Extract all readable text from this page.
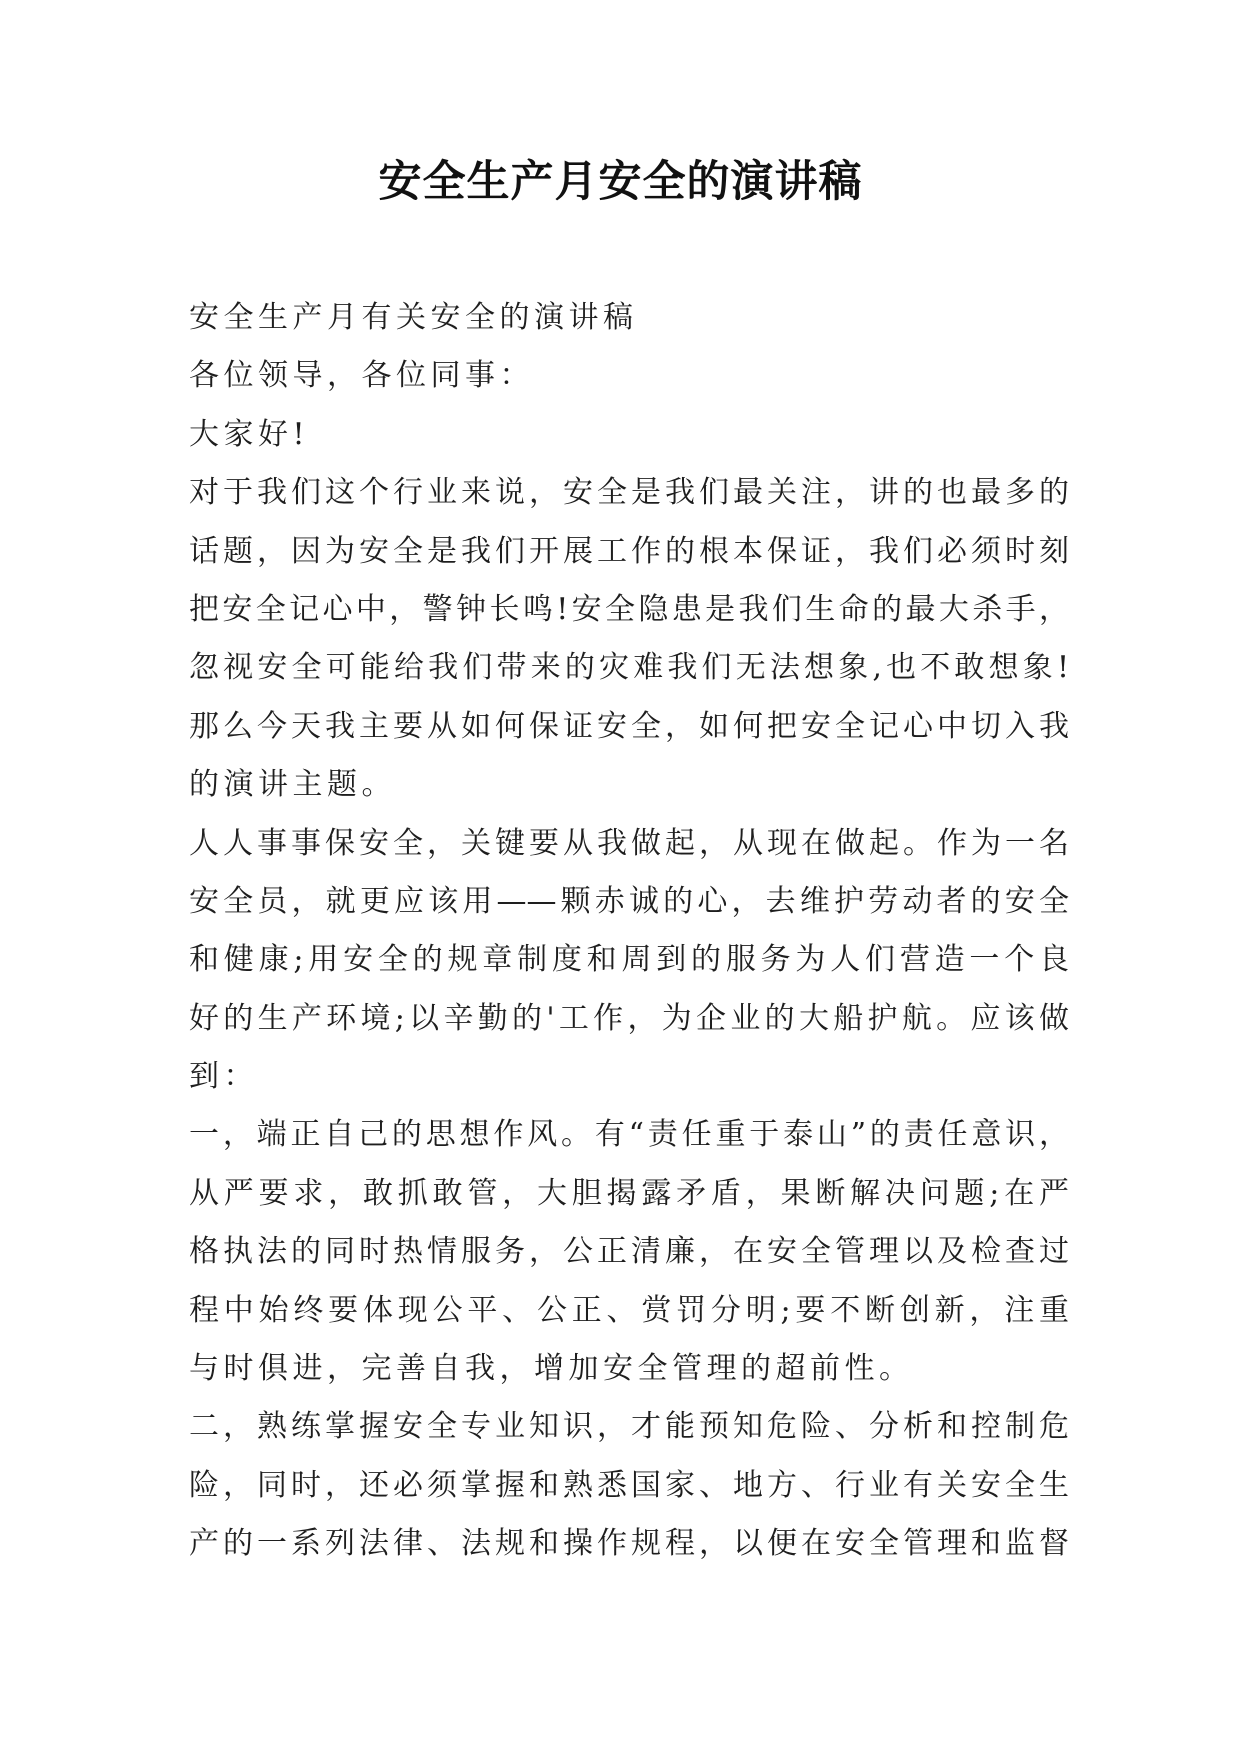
安全生产月安全的演讲稿
安全生产月有关安全的演讲稿
各位领导，各位同事：
大家好!
对于我们这个行业来说，安全是我们最关注，讲的也最多的
话题，因为安全是我们开展工作的根本保证，我们必须时刻
把安全记心中，警钟长鸣!安全隐患是我们生命的最大杀手，
忽视安全可能给我们带来的灾难我们无法想象,也不敢想象!
那么今天我主要从如何保证安全，如何把安全记心中切入我
的演讲主题。
人人事事保安全，关键要从我做起，从现在做起。作为一名
安全员，就更应该用——颗赤诚的心，去维护劳动者的安全
和健康;用安全的规章制度和周到的服务为人们营造一个良
好的生产环境;以辛勤的'工作，为企业的大船护航。应该做
到：
一，端正自己的思想作风。有“责任重于泰山”的责任意识，
从严要求，敢抓敢管，大胆揭露矛盾，果断解决问题;在严
格执法的同时热情服务，公正清廉，在安全管理以及检查过
程中始终要体现公平、公正、赏罚分明;要不断创新，注重
与时俱进，完善自我，增加安全管理的超前性。
二，熟练掌握安全专业知识，才能预知危险、分析和控制危
险，同时，还必须掌握和熟悉国家、地方、行业有关安全生
产的一系列法律、法规和操作规程，以便在安全管理和监督
